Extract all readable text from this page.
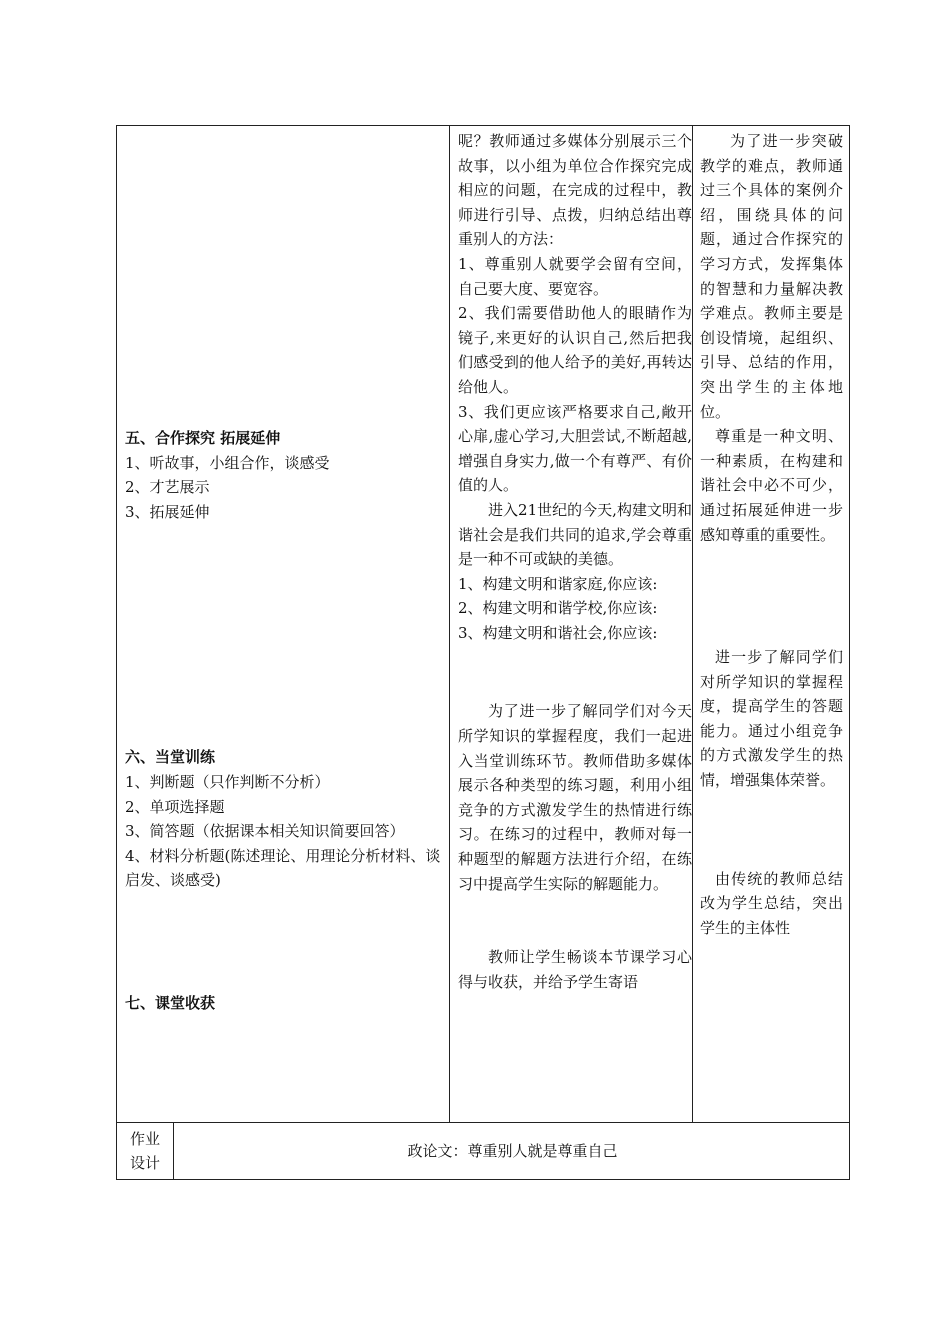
五、合作探究 拓展延伸
1、听故事，小组合作，谈感受
2、才艺展示
3、拓展延伸
六、当堂训练
1、判断题（只作判断不分析）
2、单项选择题
3、简答题（依据课本相关知识简要回答）
4、材料分析题(陈述理论、用理论分析材料、谈启发、谈感受)
七、课堂收获
呢？教师通过多媒体分别展示三个故事，以小组为单位合作探究完成相应的问题，在完成的过程中，教师进行引导、点拨，归纳总结出尊重别人的方法：
1、尊重别人就要学会留有空间，自己要大度、要宽容。
2、我们需要借助他人的眼睛作为镜子,来更好的认识自己,然后把我们感受到的他人给予的美好,再转达给他人。
3、我们更应该严格要求自己,敞开心扉,虚心学习,大胆尝试,不断超越,增强自身实力,做一个有尊严、有价值的人。
进入21世纪的今天,构建文明和谐社会是我们共同的追求,学会尊重是一种不可或缺的美德。
1、构建文明和谐家庭,你应该:
2、构建文明和谐学校,你应该:
3、构建文明和谐社会,你应该:
为了进一步了解同学们对今天所学知识的掌握程度，我们一起进入当堂训练环节。教师借助多媒体展示各种类型的练习题，利用小组竞争的方式激发学生的热情进行练习。在练习的过程中，教师对每一种题型的解题方法进行介绍，在练习中提高学生实际的解题能力。
教师让学生畅谈本节课学习心得与收获，并给予学生寄语
为了进一步突破教学的难点，教师通过三个具体的案例介绍，围绕具体的问题，通过合作探究的学习方式，发挥集体的智慧和力量解决教学难点。教师主要是创设情境，起组织、引导、总结的作用，突出学生的主体地位。
尊重是一种文明、一种素质，在构建和谐社会中必不可少，通过拓展延伸进一步感知尊重的重要性。
进一步了解同学们对所学知识的掌握程度，提高学生的答题能力。通过小组竞争的方式激发学生的热情，增强集体荣誉。
由传统的教师总结改为学生总结，突出学生的主体性
作业
设计
政论文：尊重别人就是尊重自己
